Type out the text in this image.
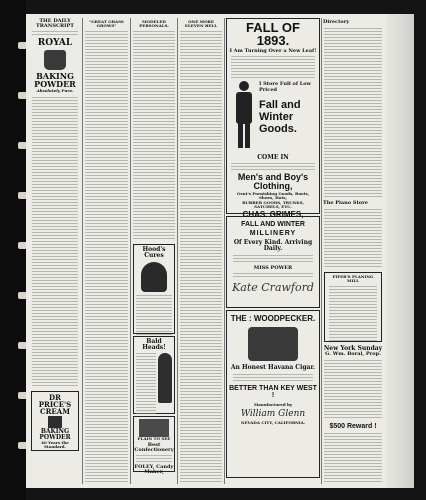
THE DAILY TRANSCRIPT
ROYAL
BAKING
POWDER
Absolutely Pure.
DR PRICE'S
CREAM
BAKING
POWDER
40 Years the Standard.
"GREAT GRASS GROWS"
MODELED PERSONALS.
Hood's Cures
Bald Heads!
PLAIN TO SEE
Best Confectionery
FOLEY, Candy Maker,
ONE MORE ELEVEN BELL	FALL OF 1893.
I Am Turning Over a New Leaf!
I Store Full of Low Priced
Fall and
Winter Goods.
COME IN
Men's and Boy's Clothing,
Gent's Furnishing Goods, Boots, Shoes, Hats,
RUBBER GOODS, TRUNKS, SATCHELS, ETC.
CHAS. GRIMES,
FALL AND WINTER
MILLINERY
Of Every Kind. Arriving Daily.
MISS POWER
Kate Crawford
THE : WOODPECKER.
An Honest Havana Cigar.
BETTER THAN KEY WEST !
Manufactured by
William Glenn
NEVADA CITY, CALIFORNIA.
Directory
The Piano Store
FIFER'S PLANING MILL
New York Sunday
G. Wm. Boral, Prop.
$500 Reward !
